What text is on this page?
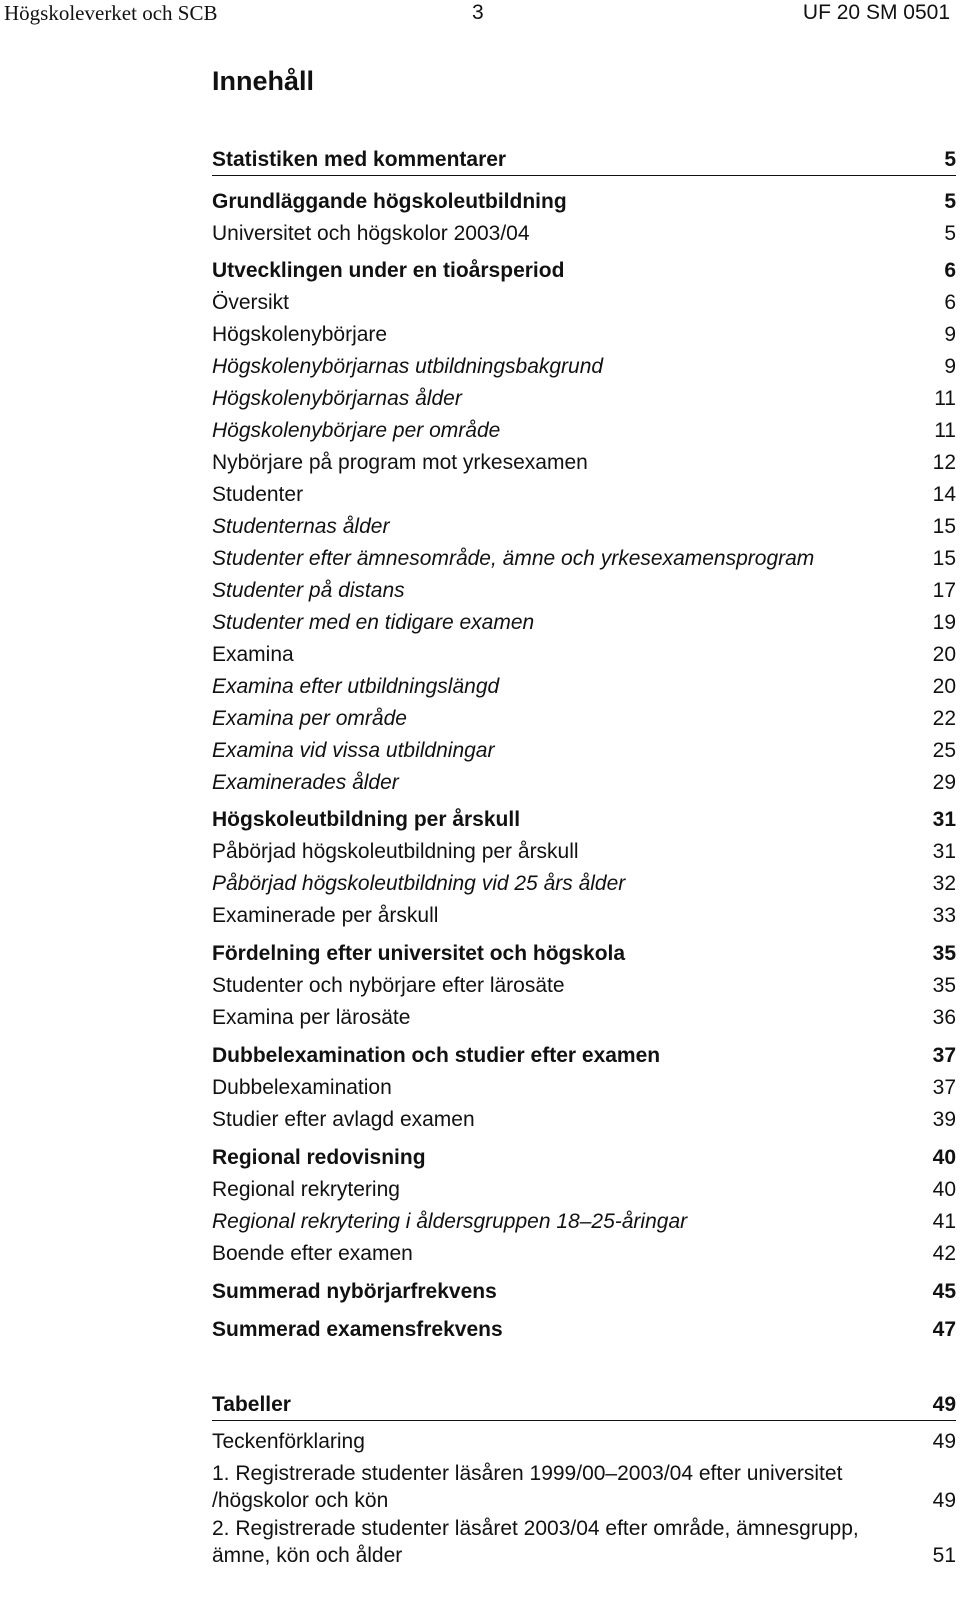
Högskoleverket och SCB	3	UF 20 SM 0501
Innehåll
Statistiken med kommentarer	5
Grundläggande högskoleutbildning	5
Universitet och högskolor 2003/04	5
Utvecklingen under en tioårsperiod	6
Översikt	6
Högskolenybörjare	9
Högskolenybörjarnas utbildningsbakgrund	9
Högskolenybörjarnas ålder	11
Högskolenybörjare per område	11
Nybörjare på program mot yrkesexamen	12
Studenter	14
Studenternas ålder	15
Studenter efter ämnesområde, ämne och yrkesexamensprogram	15
Studenter på distans	17
Studenter med en tidigare examen	19
Examina	20
Examina efter utbildningslängd	20
Examina per område	22
Examina vid vissa utbildningar	25
Examinerades ålder	29
Högskoleutbildning per årskull	31
Påbörjad högskoleutbildning per årskull	31
Påbörjad högskoleutbildning vid 25 års ålder	32
Examinerade per årskull	33
Fördelning efter universitet och högskola	35
Studenter och nybörjare efter lärosäte	35
Examina per lärosäte	36
Dubbelexamination och studier efter examen	37
Dubbelexamination	37
Studier efter avlagd examen	39
Regional redovisning	40
Regional rekrytering	40
Regional rekrytering i åldersgruppen 18–25-åringar	41
Boende efter examen	42
Summerad nybörjarfrekvens	45
Summerad examensfrekvens	47
Tabeller	49
Teckenförklaring	49
1. Registrerade studenter läsåren 1999/00–2003/04 efter universitet /högskolor och kön	49
2. Registrerade studenter läsåret 2003/04 efter område, ämnesgrupp, ämne, kön och ålder	51
